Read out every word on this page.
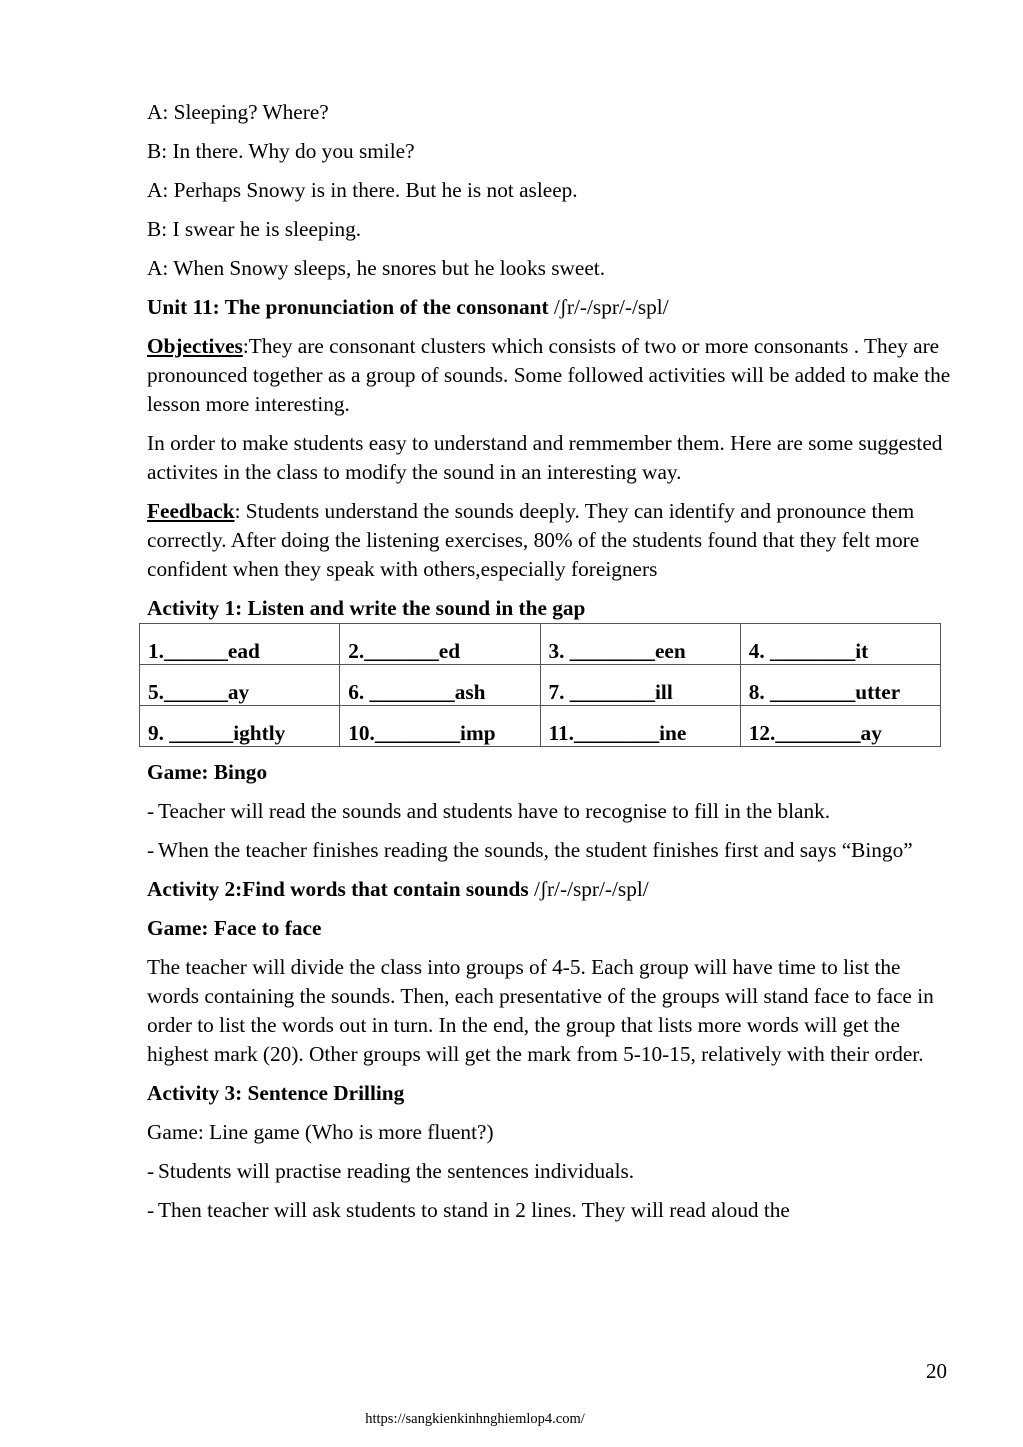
A: Sleeping? Where?

B: In there. Why do you smile?

A: Perhaps Snowy is in there. But he is not asleep.

B: I swear he is sleeping.

A: When Snowy sleeps, he snores but he looks sweet.

Unit 11: The pronunciation of the consonant /ʃr/-/spr/-/spl/

Objectives:They are consonant clusters which consists of two or more consonants . They are pronounced together as a group of sounds. Some followed activities will be added to make the lesson more interesting.

In order to make students easy to understand and remmember them. Here are some suggested activites in the class to modify the sound in an interesting way.

Feedback: Students understand the sounds deeply. They can identify and pronounce them correctly. After doing the listening exercises, 80% of the students found that they felt more confident when they speak with others,especially foreigners

Activity 1: Listen and write the sound in the gap

1.______ead	2._______ed	3. ________een	4. ________it
5.______ay	6. ________ash	7. ________ill	8. ________utter
9. ______ightly	10.________imp	11.________ine	12.________ay

Game: Bingo

- Teacher will read the sounds and students have to recognise to fill in the blank.

- When the teacher finishes reading the sounds, the student finishes first and says “Bingo”

Activity 2:Find words that contain sounds /ʃr/-/spr/-/spl/

Game: Face to face

The teacher will divide the class into groups of 4-5. Each group will have time to list the words containing the sounds. Then, each presentative of the groups will stand face to face in order to list the words out in turn. In the end, the group that lists more words will get the highest mark (20). Other groups will get the mark from 5-10-15, relatively with their order.

Activity 3: Sentence Drilling

Game: Line game (Who is more fluent?)

- Students will practise reading the sentences individuals.

- Then teacher will ask students to stand in 2 lines. They will read aloud the

20
https://sangkienkinhnghiemlop4.com/
